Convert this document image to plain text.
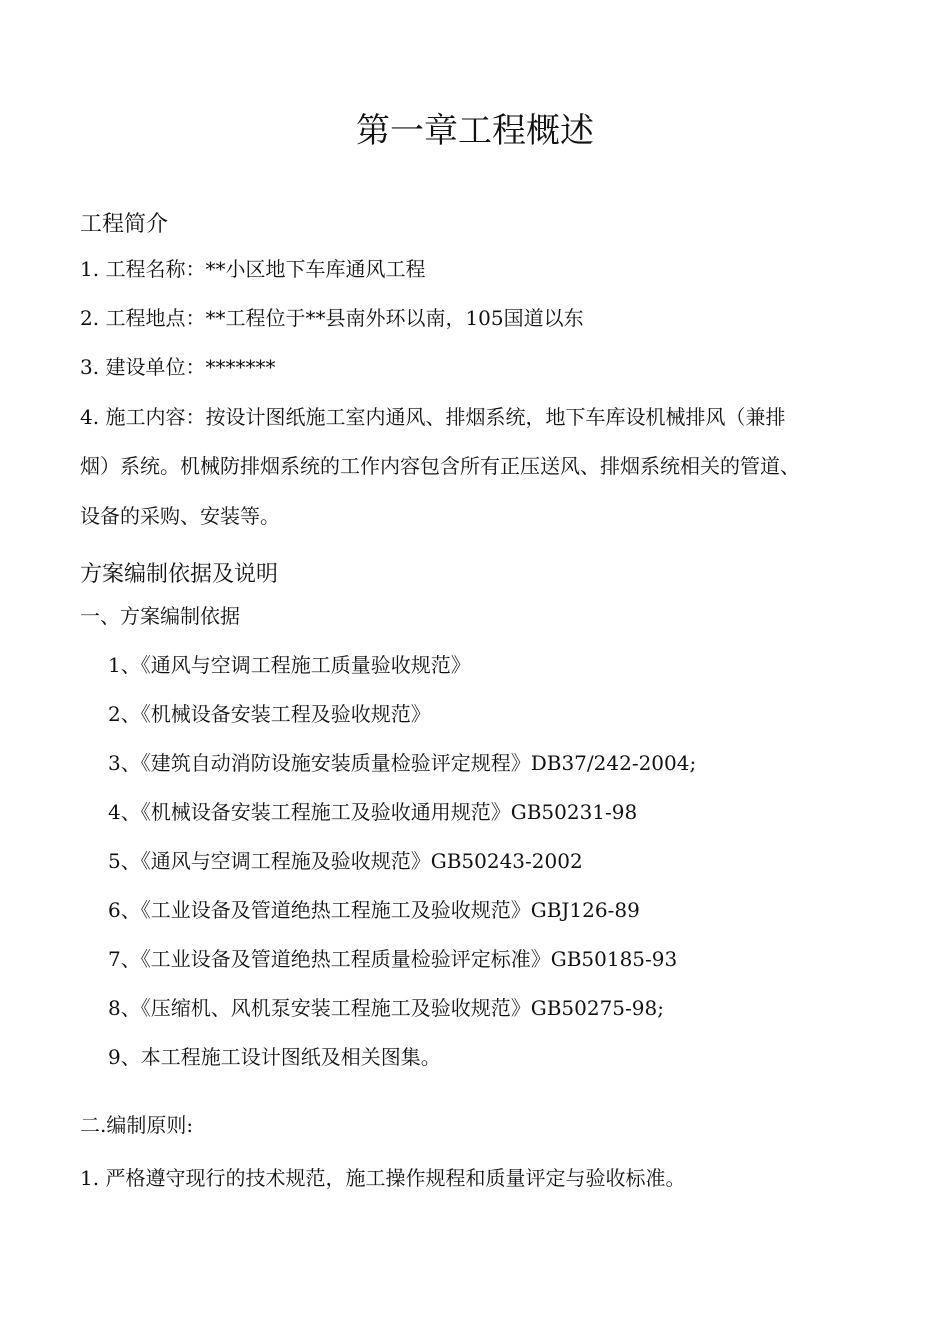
第一章工程概述
工程简介
1. 工程名称：**小区地下车库通风工程
2. 工程地点：**工程位于**县南外环以南，105国道以东
3. 建设单位：*******
4. 施工内容：按设计图纸施工室内通风、排烟系统，地下车库设机械排风（兼排
烟）系统。机械防排烟系统的工作内容包含所有正压送风、排烟系统相关的管道、
设备的采购、安装等。
方案编制依据及说明
一、方案编制依据
1、《通风与空调工程施工质量验收规范》
2、《机械设备安装工程及验收规范》
3、《建筑自动消防设施安装质量检验评定规程》DB37/242-2004;
4、《机械设备安装工程施工及验收通用规范》GB50231-98
5、《通风与空调工程施及验收规范》GB50243-2002
6、《工业设备及管道绝热工程施工及验收规范》GBJ126-89
7、《工业设备及管道绝热工程质量检验评定标准》GB50185-93
8、《压缩机、风机泵安装工程施工及验收规范》GB50275-98;
9、本工程施工设计图纸及相关图集。
二.编制原则:
1. 严格遵守现行的技术规范，施工操作规程和质量评定与验收标准。
